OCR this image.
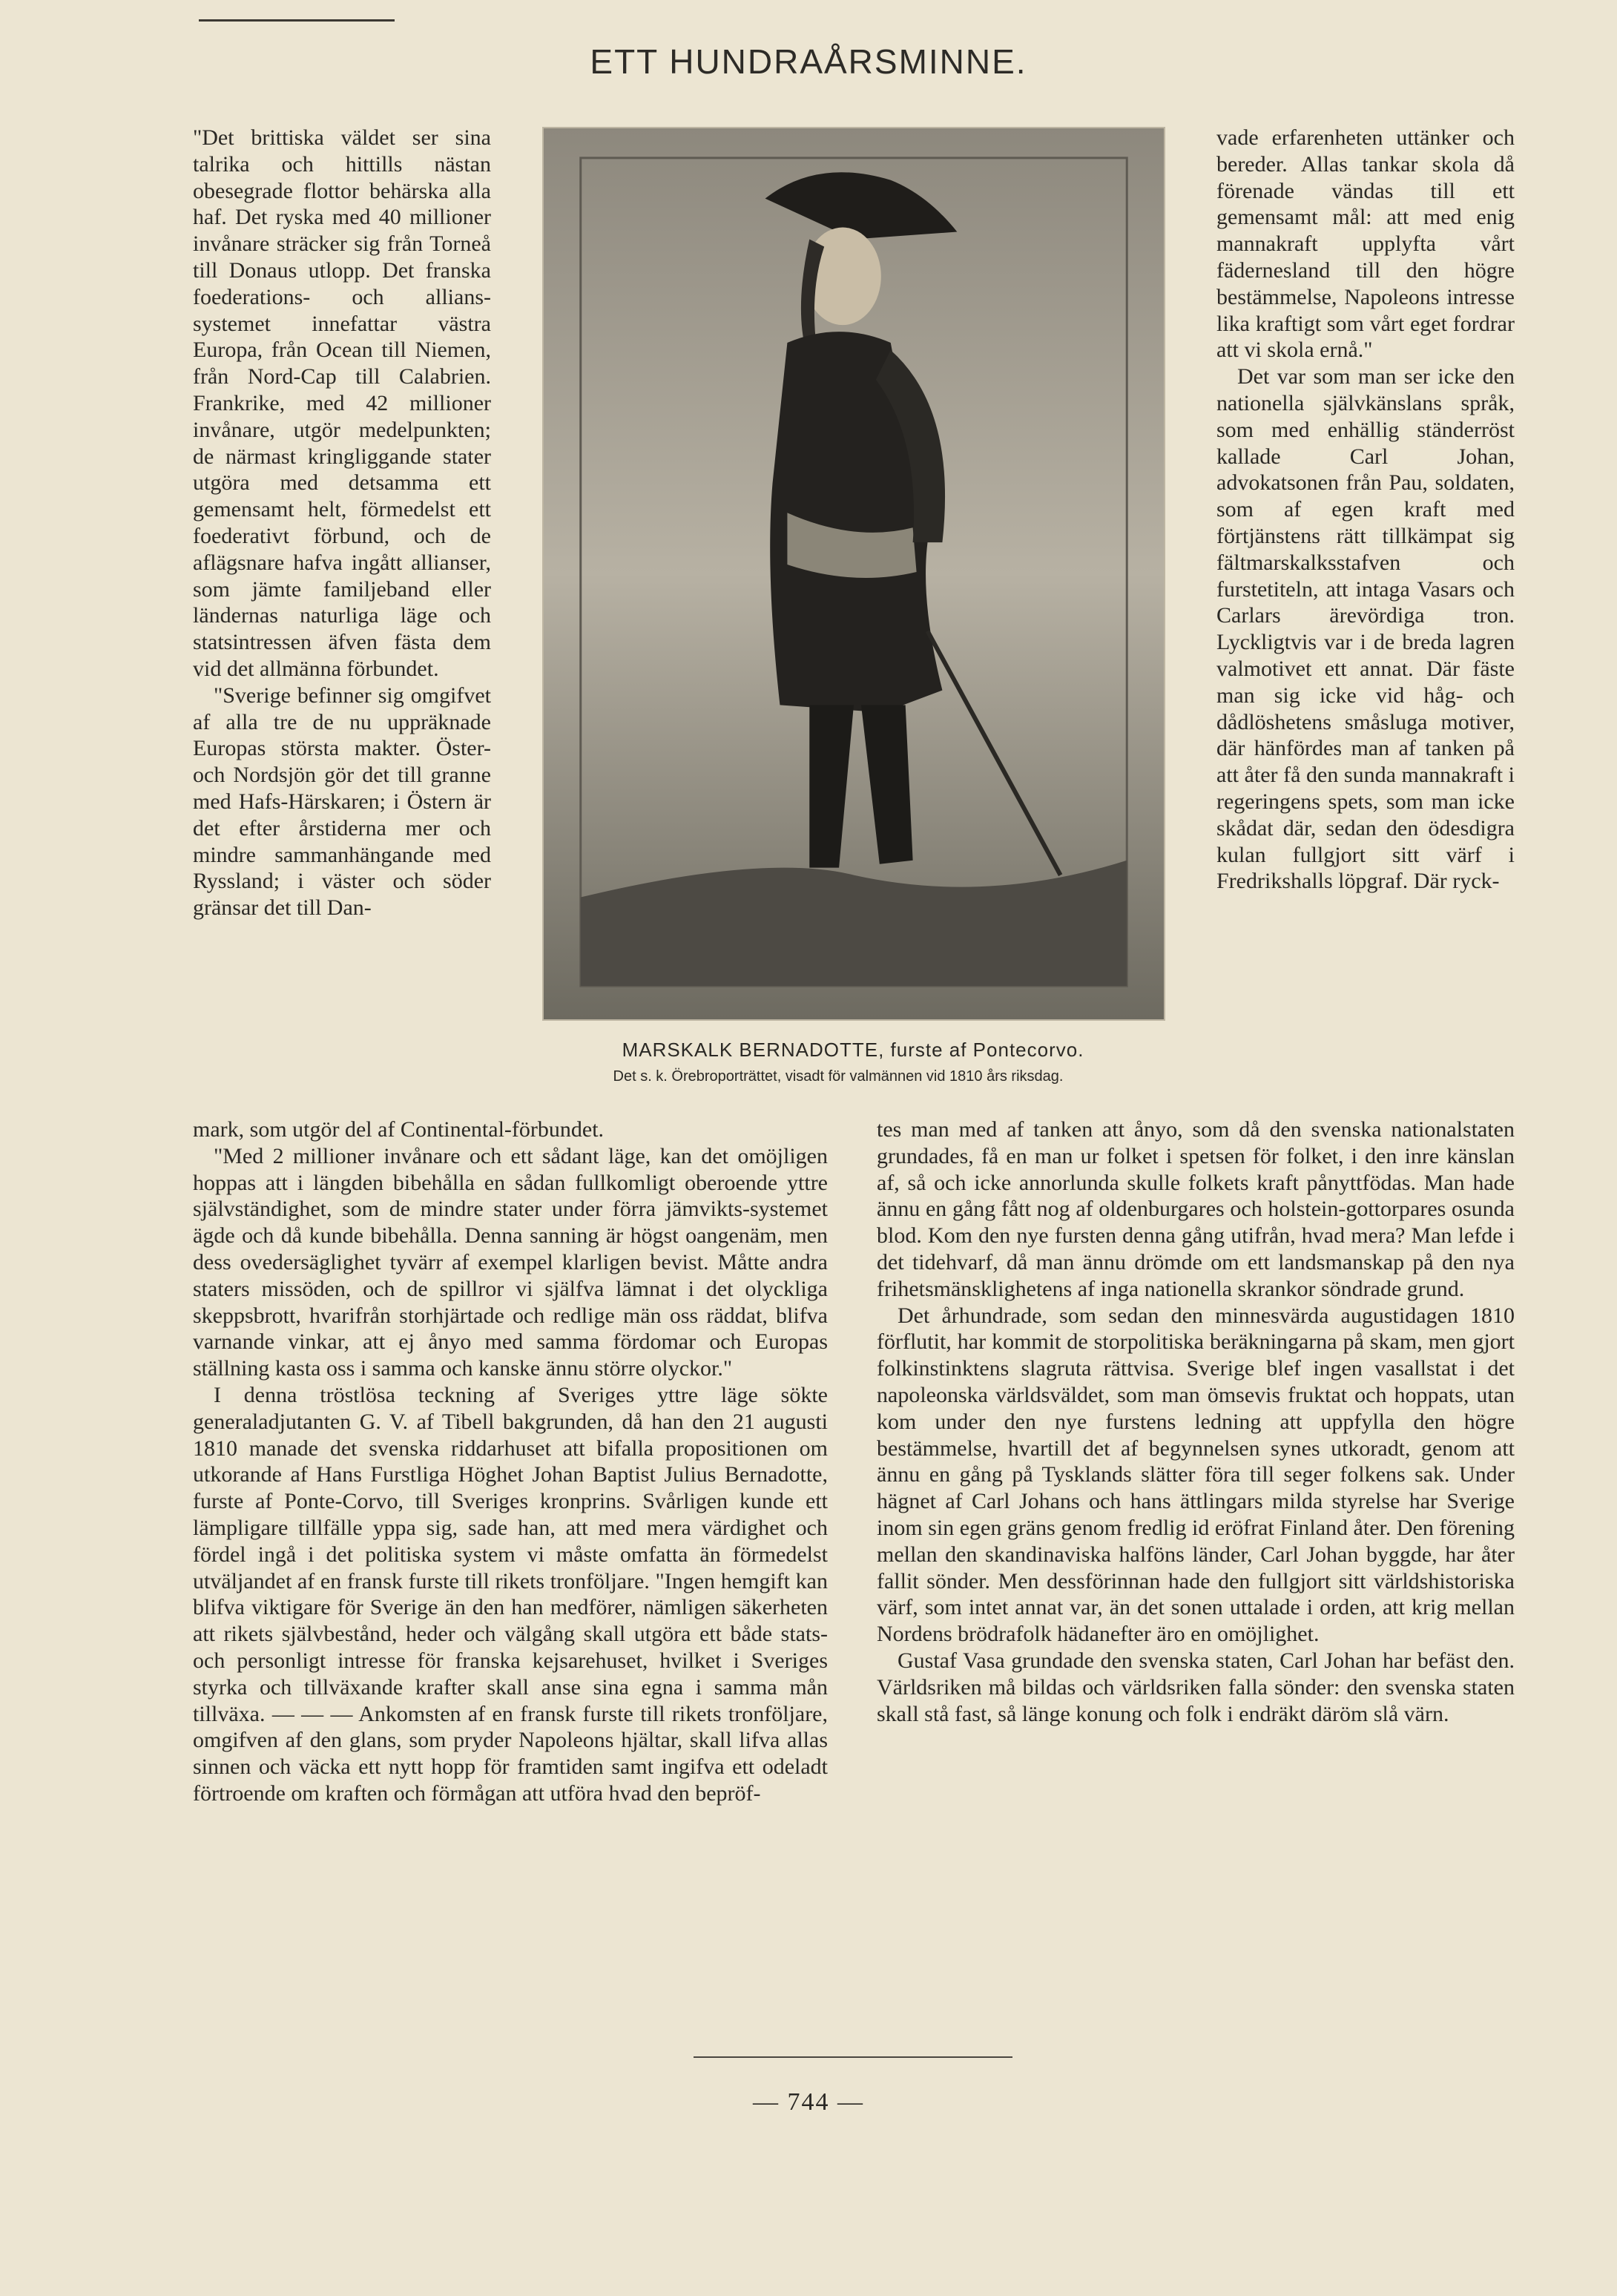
ETT HUNDRAÅRSMINNE.

"Det brittiska väldet ser sina talrika och hittills nästan obesegrade flottor behärska alla haf. Det ryska med 40 millioner invånare sträcker sig från Torneå till Donaus utlopp. Det franska foederations- och allians-systemet innefattar västra Europa, från Ocean till Niemen, från Nord-Cap till Calabrien. Frankrike, med 42 millioner invånare, utgör medelpunkten; de närmast kringliggande stater utgöra med detsamma ett gemensamt helt, förmedelst ett foederativt förbund, och de aflägsnare hafva ingått allianser, som jämte familjeband eller ländernas naturliga läge och statsintressen äfven fästa dem vid det allmänna förbundet.

"Sverige befinner sig omgifvet af alla tre de nu uppräknade Europas största makter. Öster- och Nordsjön gör det till granne med Hafs-Härskaren; i Östern är det efter årstiderna mer och mindre sammanhängande med Ryssland; i väster och söder gränsar det till Dan-

MARSKALK BERNADOTTE, furste af Pontecorvo.
Det s. k. Örebroporträttet, visadt för valmännen vid 1810 års riksdag.

vade erfarenheten uttänker och bereder. Allas tankar skola då förenade vändas till ett gemensamt mål: att med enig mannakraft upplyfta vårt fädernesland till den högre bestämmelse, Napoleons intresse lika kraftigt som vårt eget fordrar att vi skola ernå."

Det var som man ser icke den nationella självkänslans språk, som med enhällig ständerröst kallade Carl Johan, advokatsonen från Pau, soldaten, som af egen kraft med förtjänstens rätt tillkämpat sig fältmarskalksstafven och furstetiteln, att intaga Vasars och Carlars ärevördiga tron. Lyckligtvis var i de breda lagren valmotivet ett annat. Där fäste man sig icke vid håg- och dådlöshetens småsluga motiver, där hänfördes man af tanken på att åter få den sunda mannakraft i regeringens spets, som man icke skådat där, sedan den ödesdigra kulan fullgjort sitt värf i Fredrikshalls löpgraf. Där ryck-

mark, som utgör del af Continental-förbundet.

"Med 2 millioner invånare och ett sådant läge, kan det omöjligen hoppas att i längden bibehålla en sådan fullkomligt oberoende yttre självständighet, som de mindre stater under förra jämvikts-systemet ägde och då kunde bibehålla. Denna sanning är högst oangenäm, men dess ovedersäglighet tyvärr af exempel klarligen bevist. Måtte andra staters missöden, och de spillror vi själfva lämnat i det olyckliga skeppsbrott, hvarifrån storhjärtade och redlige män oss räddat, blifva varnande vinkar, att ej ånyo med samma fördomar och Europas ställning kasta oss i samma och kanske ännu större olyckor."

I denna tröstlösa teckning af Sveriges yttre läge sökte generaladjutanten G. V. af Tibell bakgrunden, då han den 21 augusti 1810 manade det svenska riddarhuset att bifalla propositionen om utkorande af Hans Furstliga Höghet Johan Baptist Julius Bernadotte, furste af Ponte-Corvo, till Sveriges kronprins. Svårligen kunde ett lämpligare tillfälle yppa sig, sade han, att med mera värdighet och fördel ingå i det politiska system vi måste omfatta än förmedelst utväljandet af en fransk furste till rikets tronföljare. "Ingen hemgift kan blifva viktigare för Sverige än den han medförer, nämligen säkerheten att rikets självbestånd, heder och välgång skall utgöra ett både stats- och personligt intresse för franska kejsarehuset, hvilket i Sveriges styrka och tillväxande krafter skall anse sina egna i samma mån tillväxa. — — — Ankomsten af en fransk furste till rikets tronföljare, omgifven af den glans, som pryder Napoleons hjältar, skall lifva allas sinnen och väcka ett nytt hopp för framtiden samt ingifva ett odeladt förtroende om kraften och förmågan att utföra hvad den bepröf-

tes man med af tanken att ånyo, som då den svenska nationalstaten grundades, få en man ur folket i spetsen för folket, i den inre känslan af, så och icke annorlunda skulle folkets kraft pånyttfödas. Man hade ännu en gång fått nog af oldenburgares och holstein-gottorpares osunda blod. Kom den nye fursten denna gång utifrån, hvad mera? Man lefde i det tidehvarf, då man ännu drömde om ett landsmanskap på den nya frihetsmänsklighetens af inga nationella skrankor söndrade grund.

Det århundrade, som sedan den minnesvärda augustidagen 1810 förflutit, har kommit de storpolitiska beräkningarna på skam, men gjort folkinstinktens slagruta rättvisa. Sverige blef ingen vasallstat i det napoleonska världsväldet, som man ömsevis fruktat och hoppats, utan kom under den nye furstens ledning att uppfylla den högre bestämmelse, hvartill det af begynnelsen synes utkoradt, genom att ännu en gång på Tysklands slätter föra till seger folkens sak. Under hägnet af Carl Johans och hans ättlingars milda styrelse har Sverige inom sin egen gräns genom fredlig id eröfrat Finland åter. Den förening mellan den skandinaviska halföns länder, Carl Johan byggde, har åter fallit sönder. Men dessförinnan hade den fullgjort sitt världshistoriska värf, som intet annat var, än det sonen uttalade i orden, att krig mellan Nordens brödrafolk hädanefter äro en omöjlighet.

Gustaf Vasa grundade den svenska staten, Carl Johan har befäst den. Världsriken må bildas och världsriken falla sönder: den svenska staten skall stå fast, så länge konung och folk i endräkt däröm slå värn.

— 744 —
